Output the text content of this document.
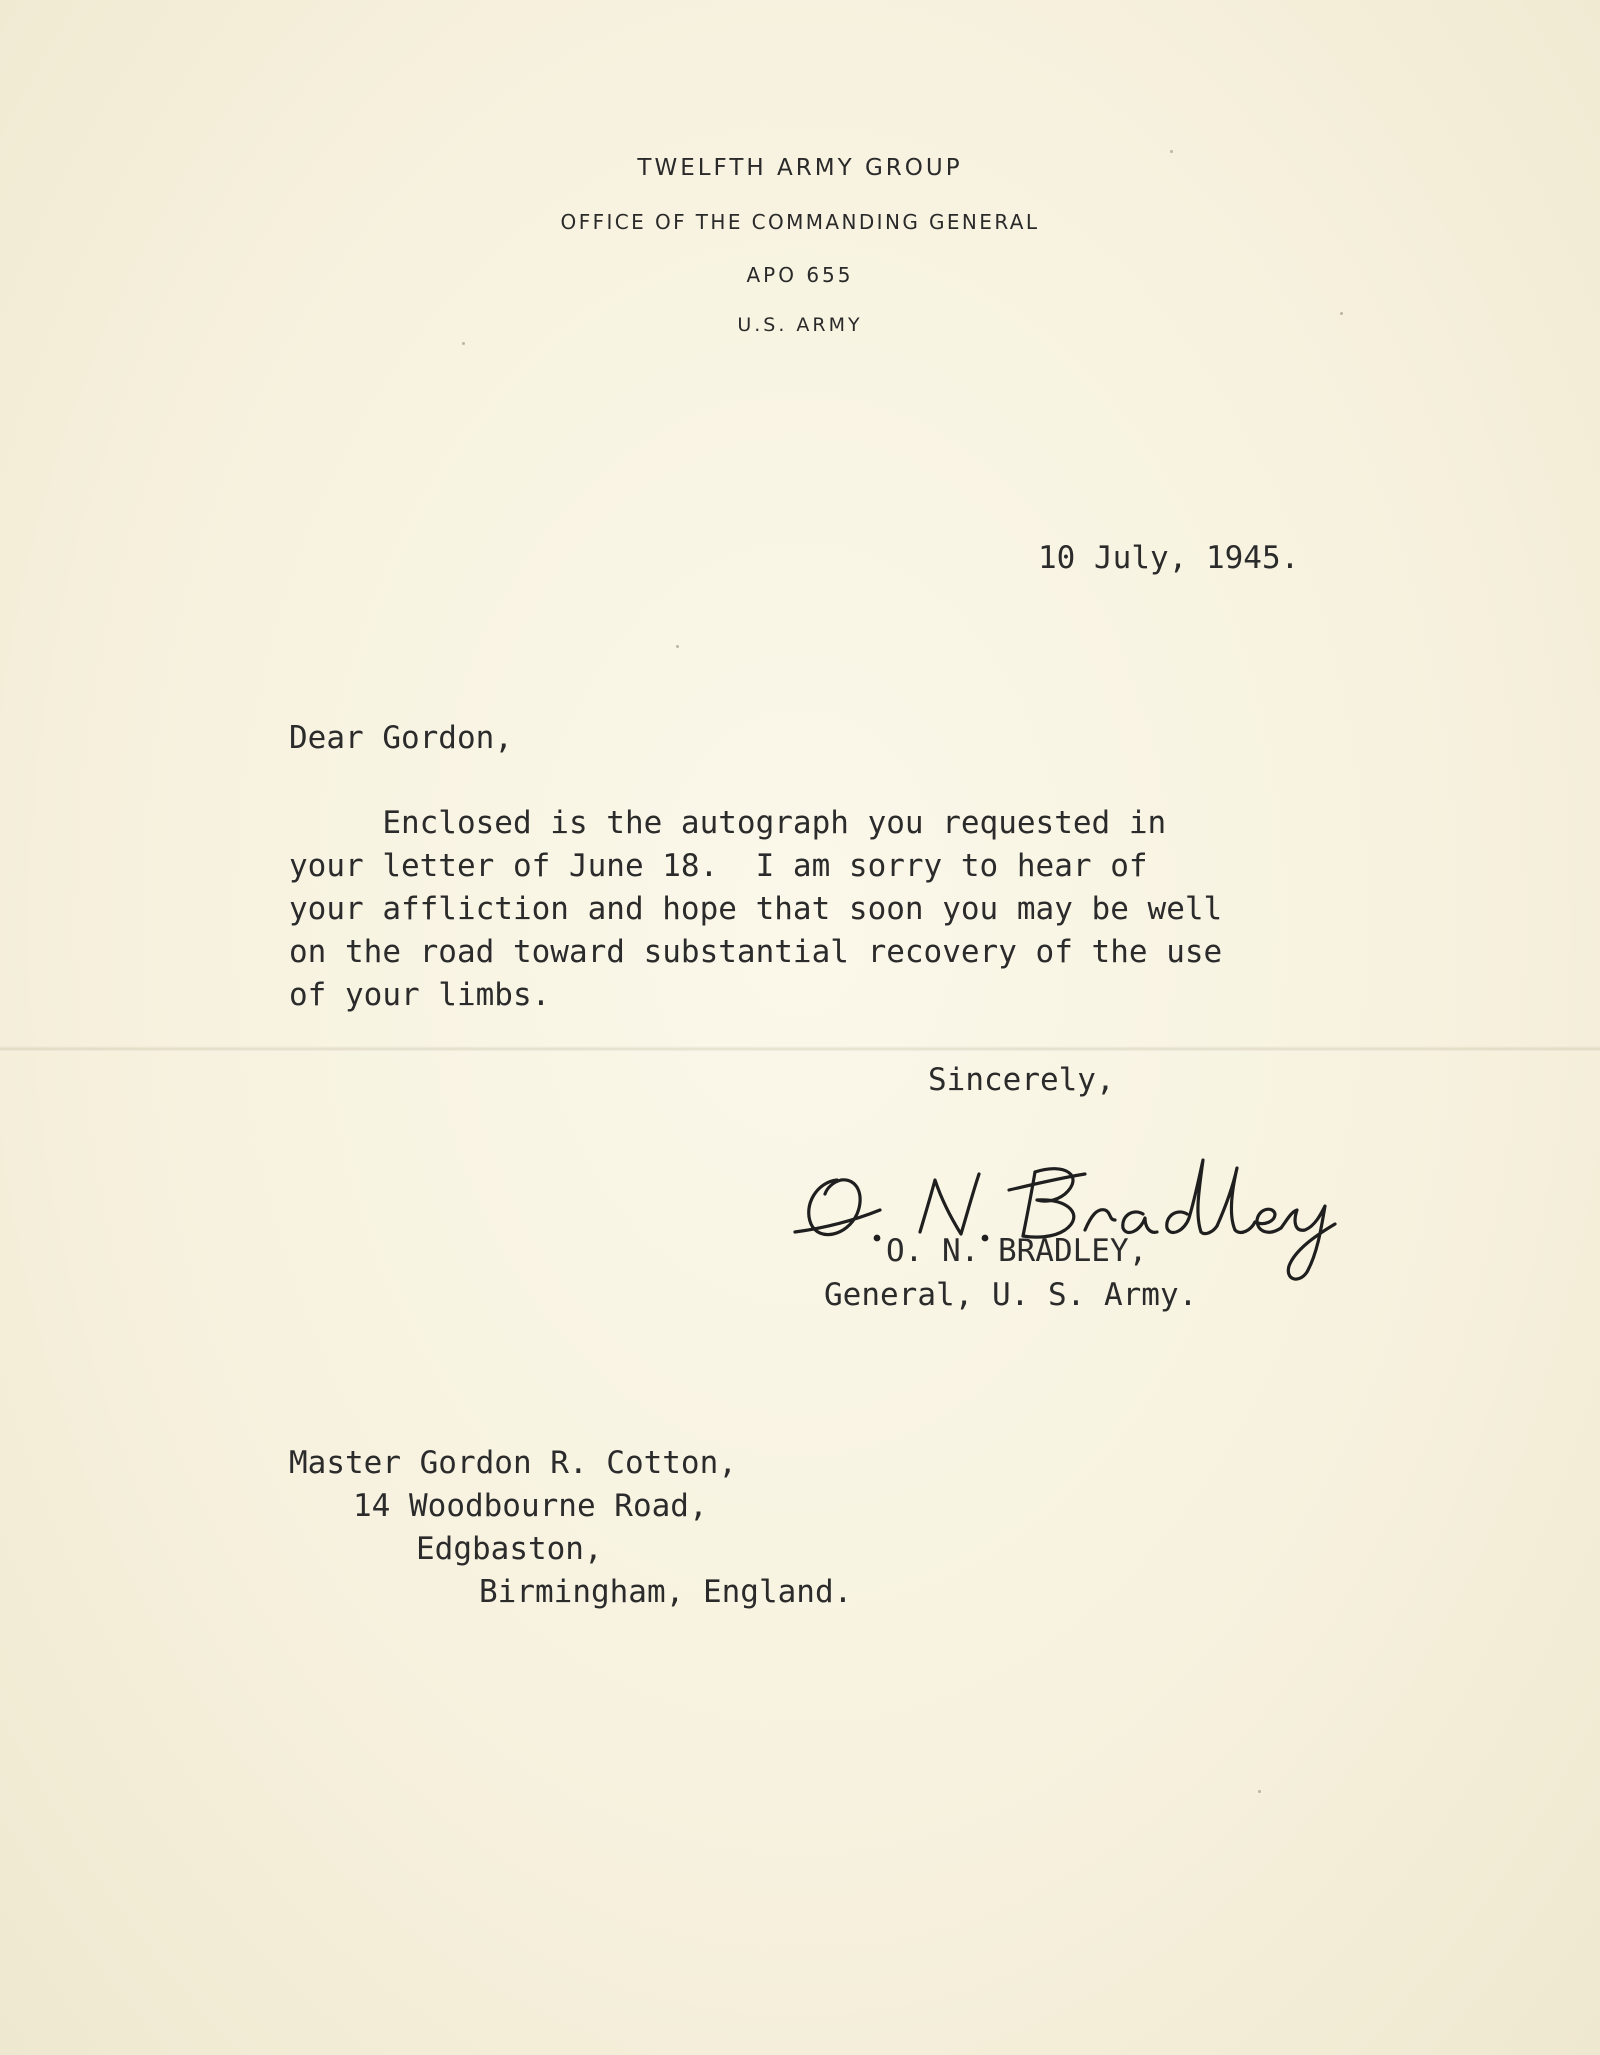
TWELFTH ARMY GROUP
OFFICE OF THE COMMANDING GENERAL
APO 655
U.S. ARMY
10 July, 1945.
Dear Gordon,
Enclosed is the autograph you requested in
your letter of June 18.  I am sorry to hear of
your affliction and hope that soon you may be well
on the road toward substantial recovery of the use
of your limbs.
Sincerely,
O. N. BRADLEY,
General, U. S. Army.
Master Gordon R. Cotton,
14 Woodbourne Road,
Edgbaston,
Birmingham, England.
